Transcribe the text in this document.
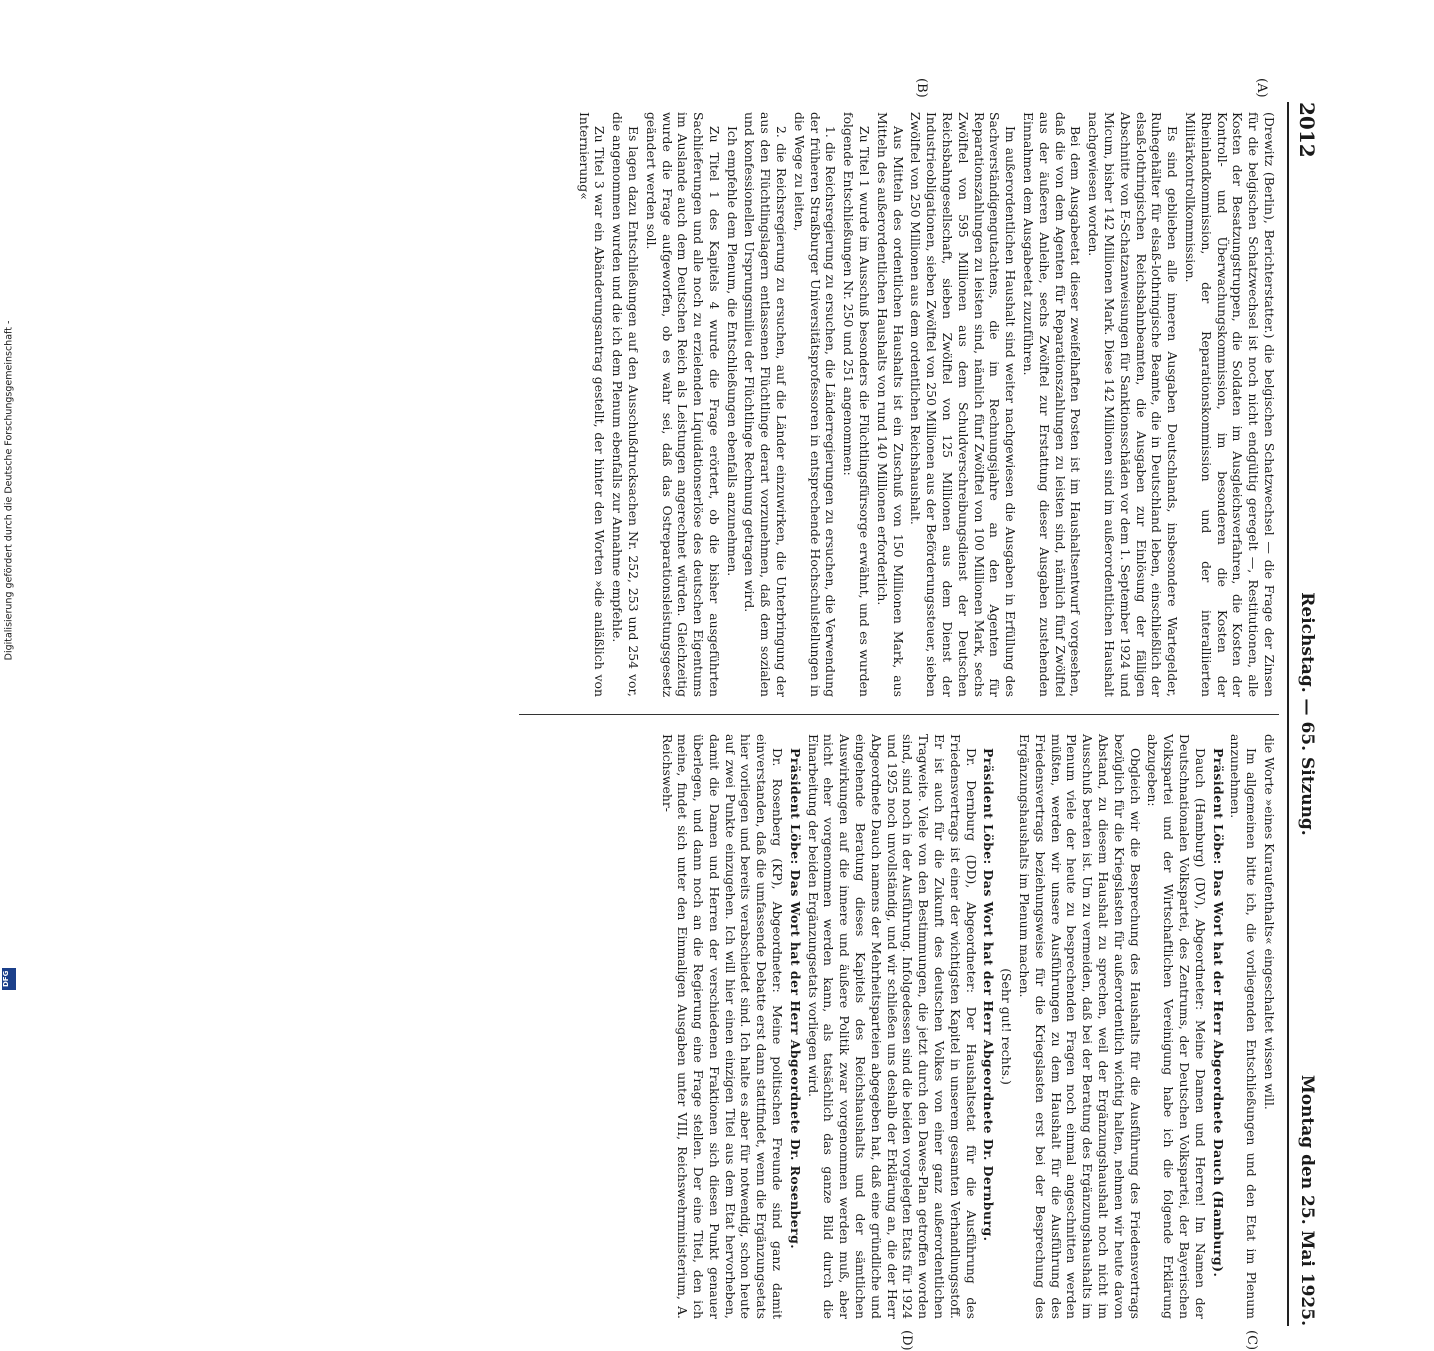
2012
Reichstag. — 65. Sitzung.
Montag den 25. Mai 1925.
(A)
(B)
(C)
(D)

(Drewitz (Berlin), Berichterstatter.) die belgischen Schatzwechsel — die Frage der Zinsen für die belgischen Schatzwechsel ist noch nicht endgültig geregelt —, Restitutionen, alle Kosten der Besatzungstruppen, die Soldaten im Ausgleichsverfahren, die Kosten der Kontroll- und Überwachungskommission, im besonderen die Kosten der Rheinlandkommission, der Reparationskommission und der interalliierten Militärkontrollkommission.

Es sind geblieben alle inneren Ausgaben Deutschlands, insbesondere Wartegelder, Ruhegehälter für elsaß-lothringische Beamte, die in Deutschland leben, einschließlich der elsaß-lothringischen Reichsbahnbeamten, die Ausgaben zur Einlösung der fälligen Abschnitte von E-Schatzanweisungen für Sanktionsschäden vor dem 1. September 1924 und Micum, bisher 142 Millionen Mark. Diese 142 Millionen sind im außerordentlichen Haushalt nachgewiesen worden.

Bei dem Ausgabeetat dieser zweifelhaften Posten ist im Haushaltsentwurf vorgesehen, daß die von dem Agenten für Reparationszahlungen zu leisten sind, nämlich fünf Zwölftel aus der äußeren Anleihe, sechs Zwölftel zur Erstattung dieser Ausgaben zustehenden Einnahmen dem Ausgabeetat zuzuführen.

Im außerordentlichen Haushalt sind weiter nachgewiesen die Ausgaben in Erfüllung des Sachverständigengutachtens, die im Rechnungsjahre an den Agenten für Reparationszahlungen zu leisten sind, nämlich fünf Zwölftel von 100 Millionen Mark, sechs Zwölftel von 595 Millionen aus dem Schuldverschreibungsdienst der Deutschen Reichsbahngesellschaft, sieben Zwölftel von 125 Millionen aus dem Dienst der Industrieobligationen, sieben Zwölftel von 250 Millionen aus der Beförderungssteuer, sieben Zwölftel von 250 Millionen aus dem ordentlichen Reichshaushalt.

Aus Mitteln des ordentlichen Haushalts ist ein Zuschuß von 150 Millionen Mark, aus Mitteln des außerordentlichen Haushalts von rund 140 Millionen erforderlich.

Zu Titel 1 wurde im Ausschuß besonders die Flüchtlingsfürsorge erwähnt, und es wurden folgende Entschließungen Nr. 250 und 251 angenommen:

1. die Reichsregierung zu ersuchen, die Länderregierungen zu ersuchen, die Verwendung der früheren Straßburger Universitätsprofessoren in entsprechende Hochschulstellungen in die Wege zu leiten,

2. die Reichsregierung zu ersuchen, auf die Länder einzuwirken, die Unterbringung der aus den Flüchtlingslagern entlassenen Flüchtlinge derart vorzunehmen, daß dem sozialen und konfessionellen Ursprungsmilieu der Flüchtlinge Rechnung getragen wird.

Ich empfehle dem Plenum, die Entschließungen ebenfalls anzunehmen.

Zu Titel 1 des Kapitels 4 wurde die Frage erörtert, ob die bisher ausgeführten Sachlieferungen und alle noch zu erzielenden Liquidationserlöse des deutschen Eigentums im Auslande auch dem Deutschen Reich als Leistungen angerechnet würden. Gleichzeitig wurde die Frage aufgeworfen, ob es wahr sei, daß das Ostreparationsleistungsgesetz geändert werden soll.

Es lagen dazu Entschließungen auf den Ausschußdrucksachen Nr. 252, 253 und 254 vor, die angenommen wurden und die ich dem Plenum ebenfalls zur Annahme empfehle.

Zu Titel 3 war ein Abänderungsantrag gestellt, der hinter den Worten »die anläßlich von Internierung«

die Worte »eines Kuraufenthalts« eingeschaltet wissen will.

Im allgemeinen bitte ich, die vorliegenden Entschließungen und den Etat im Plenum anzunehmen.

Präsident Löbe: Das Wort hat der Herr Abgeordnete Dauch (Hamburg).

Dauch (Hamburg) (DV), Abgeordneter: Meine Damen und Herren! Im Namen der Deutschnationalen Volkspartei, des Zentrums, der Deutschen Volkspartei, der Bayerischen Volkspartei und der Wirtschaftlichen Vereinigung habe ich die folgende Erklärung abzugeben:

Obgleich wir die Besprechung des Haushalts für die Ausführung des Friedensvertrags bezüglich für die Kriegslasten für außerordentlich wichtig halten, nehmen wir heute davon Abstand, zu diesem Haushalt zu sprechen, weil der Ergänzungshaushalt noch nicht im Ausschuß beraten ist. Um zu vermeiden, daß bei der Beratung des Ergänzungshaushalts im Plenum viele der heute zu besprechenden Fragen noch einmal angeschnitten werden müßten, werden wir unsere Ausführungen zu dem Haushalt für die Ausführung des Friedensvertrags beziehungsweise für die Kriegslasten erst bei der Besprechung des Ergänzungshaushalts im Plenum machen.

(Sehr gut! rechts.)

Präsident Löbe: Das Wort hat der Herr Abgeordnete Dr. Dernburg.

Dr. Dernburg (DD), Abgeordneter: Der Haushaltsetat für die Ausführung des Friedensvertrags ist einer der wichtigsten Kapitel in unserem gesamten Verhandlungsstoff. Er ist auch für die Zukunft des deutschen Volkes von einer ganz außerordentlichen Tragweite. Viele von den Bestimmungen, die jetzt durch den Dawes-Plan getroffen worden sind, sind noch in der Ausführung. Infolgedessen sind die beiden vorgelegten Etats für 1924 und 1925 noch unvollständig, und wir schließen uns deshalb der Erklärung an, die der Herr Abgeordnete Dauch namens der Mehrheitsparteien abgegeben hat, daß eine gründliche und eingehende Beratung dieses Kapitels des Reichshaushalts und der sämtlichen Auswirkungen auf die innere und äußere Politik zwar vorgenommen werden muß, aber nicht eher vorgenommen werden kann, als tatsächlich das ganze Bild durch die Einarbeitung der beiden Ergänzungsetats vorliegen wird.

Präsident Löbe: Das Wort hat der Herr Abgeordnete Dr. Rosenberg.

Dr. Rosenberg (KP), Abgeordneter: Meine politischen Freunde sind ganz damit einverstanden, daß die umfassende Debatte erst dann stattfindet, wenn die Ergänzungsetats hier vorliegen und bereits verabschiedet sind. Ich halte es aber für notwendig, schon heute auf zwei Punkte einzugehen. Ich will hier einen einzigen Titel aus dem Etat hervorheben, damit die Damen und Herren der verschiedenen Fraktionen sich diesen Punkt genauer überlegen, und dann noch an die Regierung eine Frage stellen. Der eine Titel, den ich meine, findet sich unter den Einmaligen Ausgaben unter VIII, Reichswehrministerium, A. Reichswehr-

Digitalisierung gefördert durch die Deutsche Forschungsgemeinschaft -
DFG
